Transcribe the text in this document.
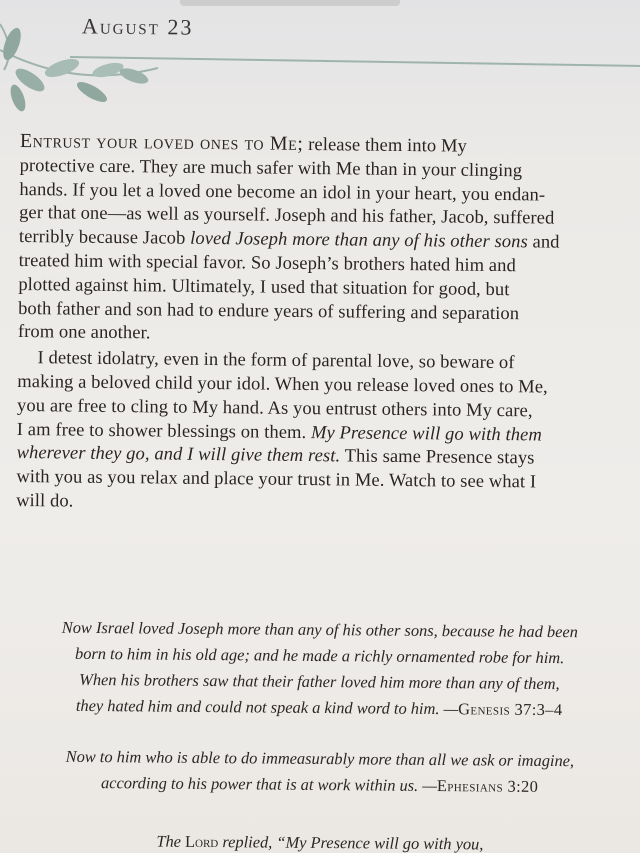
August 23

Entrust your loved ones to Me; release them into My
protective care. They are much safer with Me than in your clinging
hands. If you let a loved one become an idol in your heart, you endan-
ger that one—as well as yourself. Joseph and his father, Jacob, suffered
terribly because Jacob loved Joseph more than any of his other sons and
treated him with special favor. So Joseph’s brothers hated him and
plotted against him. Ultimately, I used that situation for good, but
both father and son had to endure years of suffering and separation
from one another.

I detest idolatry, even in the form of parental love, so beware of
making a beloved child your idol. When you release loved ones to Me,
you are free to cling to My hand. As you entrust others into My care,
I am free to shower blessings on them. My Presence will go with them
wherever they go, and I will give them rest. This same Presence stays
with you as you relax and place your trust in Me. Watch to see what I
will do.

Now Israel loved Joseph more than any of his other sons, because he had been
born to him in his old age; and he made a richly ornamented robe for him.
When his brothers saw that their father loved him more than any of them,
they hated him and could not speak a kind word to him. —Genesis 37:3–4
Now to him who is able to do immeasurably more than all we ask or imagine,
according to his power that is at work within us. —Ephesians 3:20
The Lord replied, “My Presence will go with you,
